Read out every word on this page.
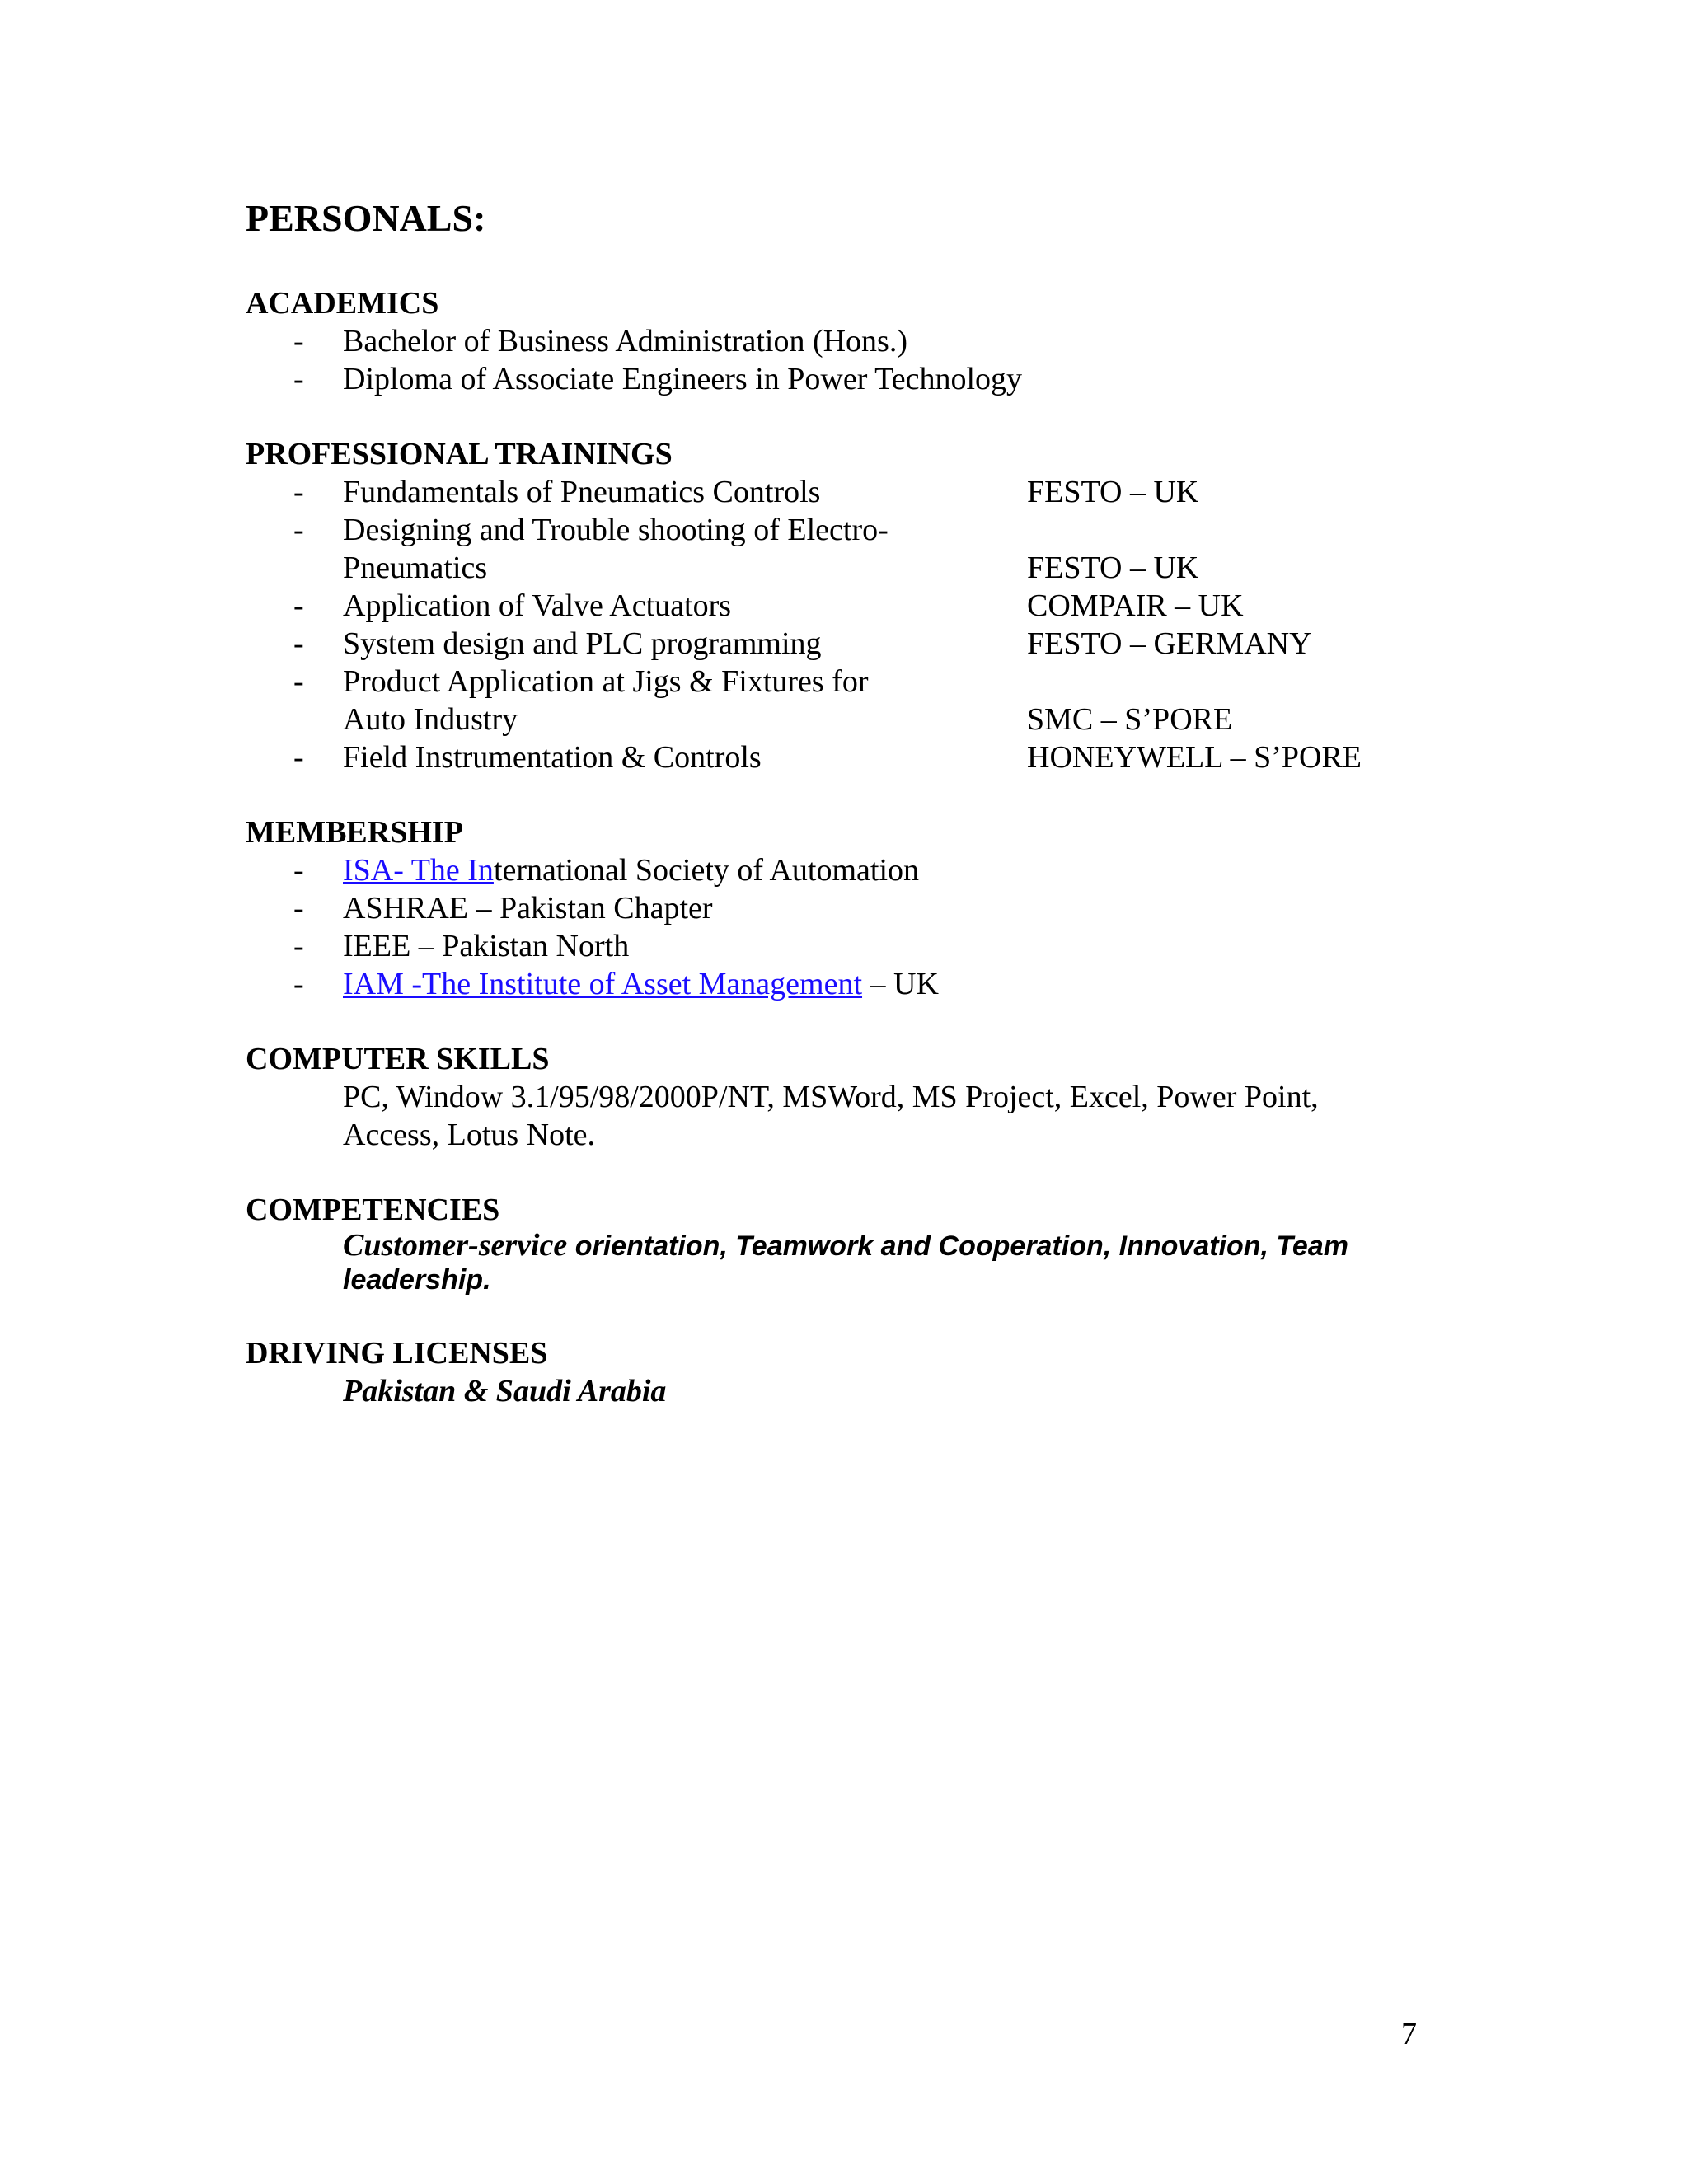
PERSONALS:
ACADEMICS
-	Bachelor of Business Administration (Hons.)
-	Diploma of Associate Engineers in Power Technology
PROFESSIONAL TRAININGS
-	Fundamentals of Pneumatics Controls	FESTO – UK
-	Designing and Trouble shooting of Electro-
Pneumatics	FESTO – UK
-	Application of Valve Actuators	COMPAIR – UK
-	System design and PLC programming	FESTO – GERMANY
-	Product Application at Jigs & Fixtures for
Auto Industry	SMC – S’PORE
-	Field Instrumentation & Controls	HONEYWELL – S’PORE
MEMBERSHIP
-	ISA- The International Society of Automation
-	ASHRAE – Pakistan Chapter
-	IEEE – Pakistan North
-	IAM -The Institute of Asset Management – UK
COMPUTER SKILLS
PC, Window 3.1/95/98/2000P/NT, MSWord, MS Project, Excel, Power Point,
Access, Lotus Note.
COMPETENCIES
Customer-service orientation, Teamwork and Cooperation, Innovation, Team leadership.
DRIVING LICENSES
Pakistan & Saudi Arabia
7
